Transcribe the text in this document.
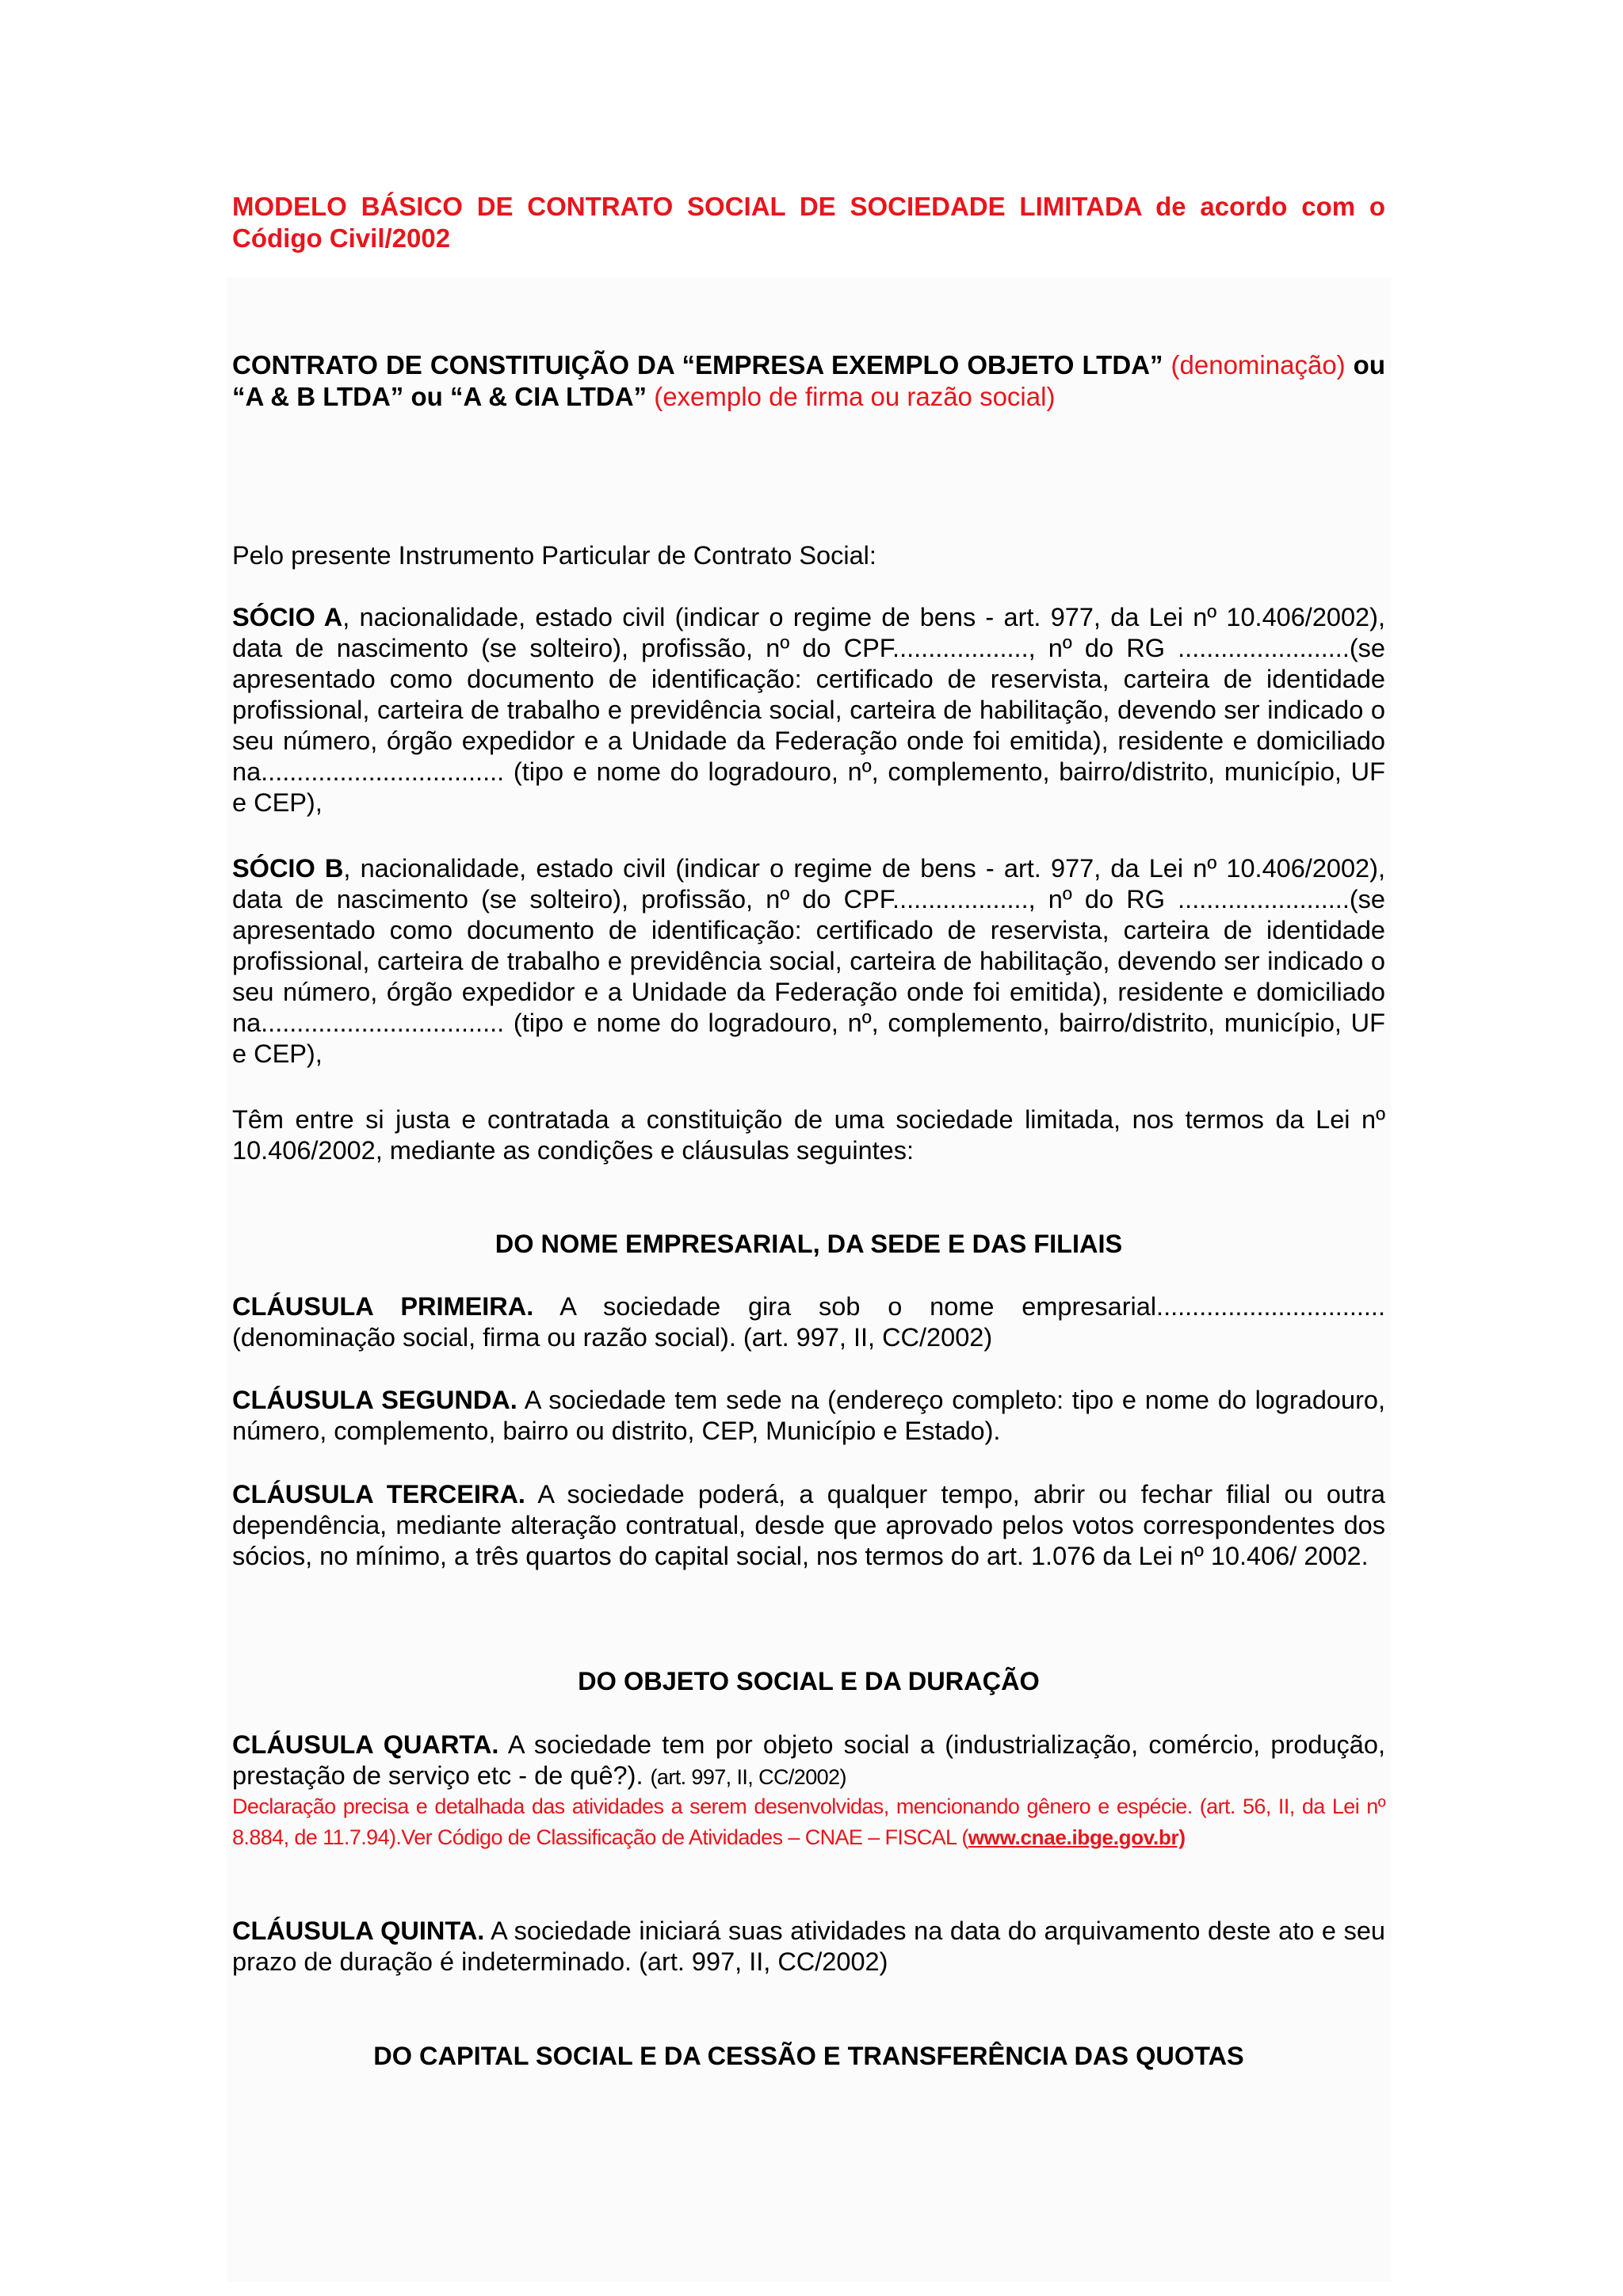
MODELO BÁSICO DE CONTRATO SOCIAL DE SOCIEDADE LIMITADA de acordo com o Código Civil/2002
CONTRATO DE CONSTITUIÇÃO DA “EMPRESA EXEMPLO OBJETO LTDA” (denominação) ou “A & B LTDA” ou “A & CIA LTDA” (exemplo de firma ou razão social)
Pelo presente Instrumento Particular de Contrato Social:
SÓCIO A, nacionalidade, estado civil (indicar o regime de bens - art. 977, da Lei nº 10.406/2002), data de nascimento (se solteiro), profissão, nº do CPF..................., nº do RG ........................(se apresentado como documento de identificação: certificado de reservista, carteira de identidade profissional, carteira de trabalho e previdência social, carteira de habilitação, devendo ser indicado o seu número, órgão expedidor e a Unidade da Federação onde foi emitida), residente e domiciliado na.................................. (tipo e nome do logradouro, nº, complemento, bairro/distrito, município, UF e CEP),
SÓCIO B, nacionalidade, estado civil (indicar o regime de bens - art. 977, da Lei nº 10.406/2002), data de nascimento (se solteiro), profissão, nº do CPF..................., nº do RG ........................(se apresentado como documento de identificação: certificado de reservista, carteira de identidade profissional, carteira de trabalho e previdência social, carteira de habilitação, devendo ser indicado o seu número, órgão expedidor e a Unidade da Federação onde foi emitida), residente e domiciliado na.................................. (tipo e nome do logradouro, nº, complemento, bairro/distrito, município, UF e CEP),
Têm entre si justa e contratada a constituição de uma sociedade limitada, nos termos da Lei nº 10.406/2002, mediante as condições e cláusulas seguintes:
DO NOME EMPRESARIAL, DA SEDE E DAS FILIAIS
CLÁUSULA PRIMEIRA. A sociedade gira sob o nome empresarial................................ (denominação social, firma ou razão social). (art. 997, II, CC/2002)
CLÁUSULA SEGUNDA. A sociedade tem sede na (endereço completo: tipo e nome do logradouro, número, complemento, bairro ou distrito, CEP, Município e Estado).
CLÁUSULA TERCEIRA. A sociedade poderá, a qualquer tempo, abrir ou fechar filial ou outra dependência, mediante alteração contratual, desde que aprovado pelos votos correspondentes dos sócios, no mínimo, a três quartos do capital social, nos termos do art. 1.076 da Lei nº 10.406/ 2002.
DO OBJETO SOCIAL E DA DURAÇÃO
CLÁUSULA QUARTA. A sociedade tem por objeto social a (industrialização, comércio, produção, prestação de serviço etc - de quê?). (art. 997, II, CC/2002)
Declaração precisa e detalhada das atividades a serem desenvolvidas, mencionando gênero e espécie. (art. 56, II, da Lei nº 8.884, de 11.7.94).Ver Código de Classificação de Atividades – CNAE – FISCAL (www.cnae.ibge.gov.br)
CLÁUSULA QUINTA. A sociedade iniciará suas atividades na data do arquivamento deste ato e seu prazo de duração é indeterminado. (art. 997, II, CC/2002)
DO CAPITAL SOCIAL E DA CESSÃO E TRANSFERÊNCIA DAS QUOTAS
